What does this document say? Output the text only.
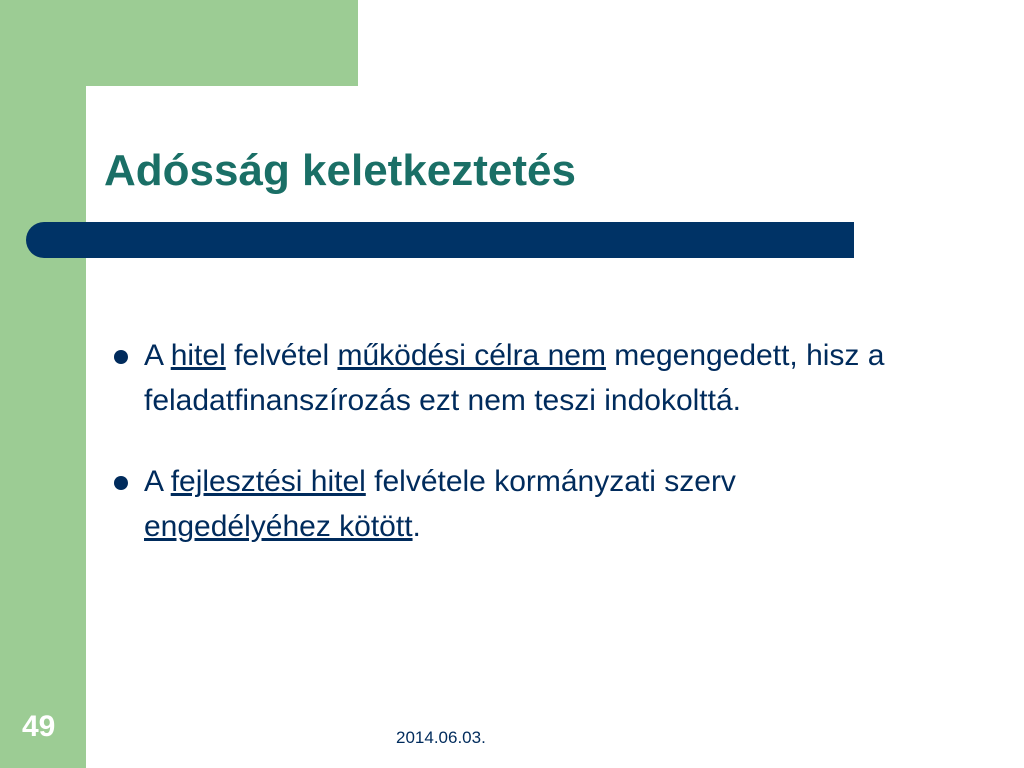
Adósság keletkeztetés
A hitel felvétel működési célra nem megengedett, hisz a feladatfinanszírozás ezt nem teszi indokolttá.
A fejlesztési hitel felvétele kormányzati szerv engedélyéhez kötött.
49	2014.06.03.
